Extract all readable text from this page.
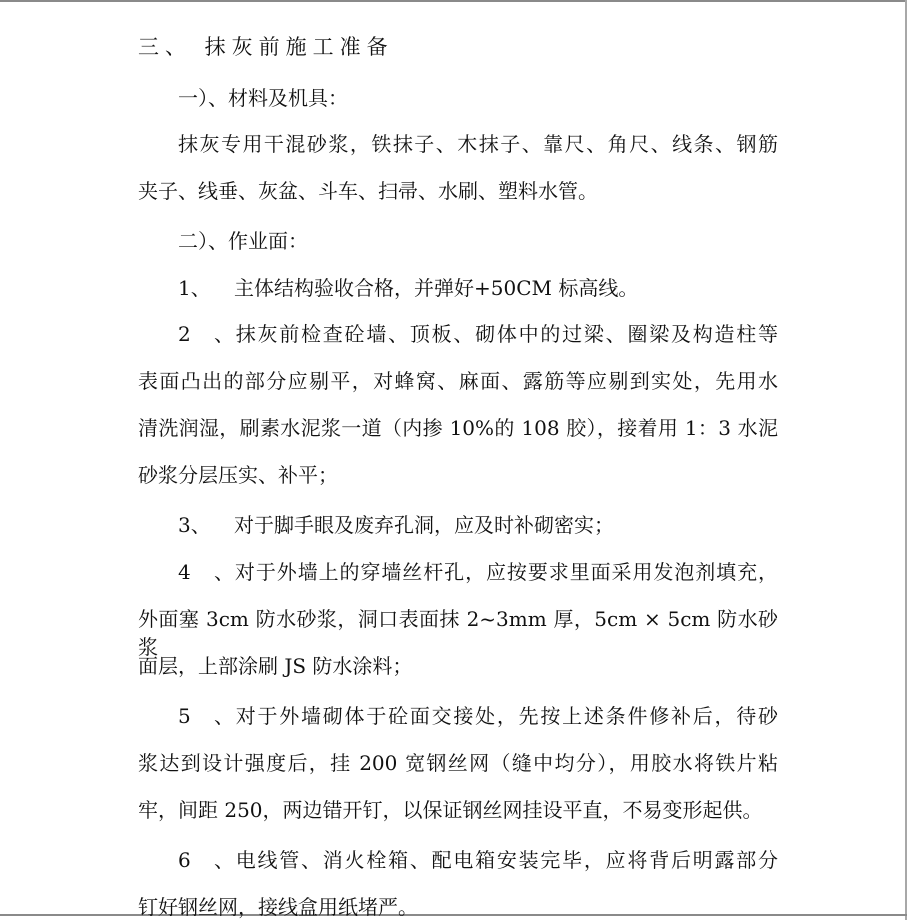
三、 抹灰前施工准备
一）、材料及机具：
抹灰专用干混砂浆，铁抹子、木抹子、靠尺、角尺、线条、钢筋
夹子、线垂、灰盆、斗车、扫帚、水刷、塑料水管。
二）、作业面：
1、 主体结构验收合格，并弹好+50CM 标高线。
2、抹灰前检查砼墙、顶板、砌体中的过梁、圈梁及构造柱等
表面凸出的部分应剔平，对蜂窝、麻面、露筋等应剔到实处，先用水
清洗润湿，刷素水泥浆一道（内掺 10%的 108 胶），接着用 1：3 水泥
砂浆分层压实、补平；
3、 对于脚手眼及废弃孔洞，应及时补砌密实；
4、对于外墙上的穿墙丝杆孔，应按要求里面采用发泡剂填充，
外面塞 3cm 防水砂浆，洞口表面抹 2~3mm 厚，5cm × 5cm 防水砂浆
面层，上部涂刷 JS 防水涂料；
5、对于外墙砌体于砼面交接处，先按上述条件修补后，待砂
浆达到设计强度后，挂 200 宽钢丝网（缝中均分），用胶水将铁片粘
牢，间距 250，两边错开钉，以保证钢丝网挂设平直，不易变形起供。
6、电线管、消火栓箱、配电箱安装完毕，应将背后明露部分
钉好钢丝网，接线盒用纸堵严。
